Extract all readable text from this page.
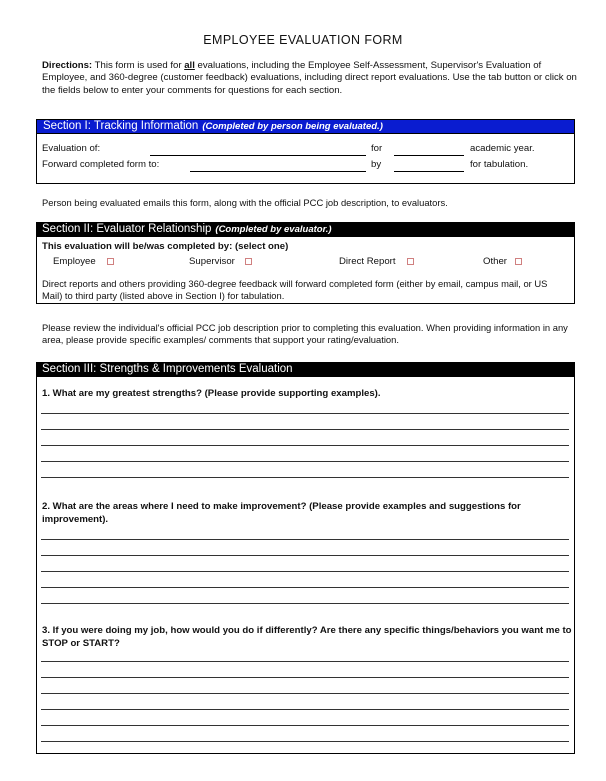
EMPLOYEE EVALUATION FORM
Directions: This form is used for all evaluations, including the Employee Self-Assessment, Supervisor's Evaluation of Employee, and 360-degree (customer feedback) evaluations, including direct report evaluations. Use the tab button or click on the fields below to enter your comments for questions for each section.
Section I: Tracking Information (Completed by person being evaluated.)
Evaluation of:	for	academic year.
Forward completed form to:	by	for tabulation.
Person being evaluated emails this form, along with the official PCC job description, to evaluators.
Section II: Evaluator Relationship (Completed by evaluator.)
This evaluation will be/was completed by: (select one)
Employee	Supervisor	Direct Report	Other
Direct reports and others providing 360-degree feedback will forward completed form (either by email, campus mail, or US Mail) to third party (listed above in Section I) for tabulation.
Please review the individual's official PCC job description prior to completing this evaluation. When providing information in any area, please provide specific examples/ comments that support your rating/evaluation.
Section III: Strengths & Improvements Evaluation
1. What are my greatest strengths? (Please provide supporting examples).
2. What are the areas where I need to make improvement? (Please provide examples and suggestions for improvement).
3. If you were doing my job, how would you do if differently? Are there any specific things/behaviors you want me to STOP or START?
